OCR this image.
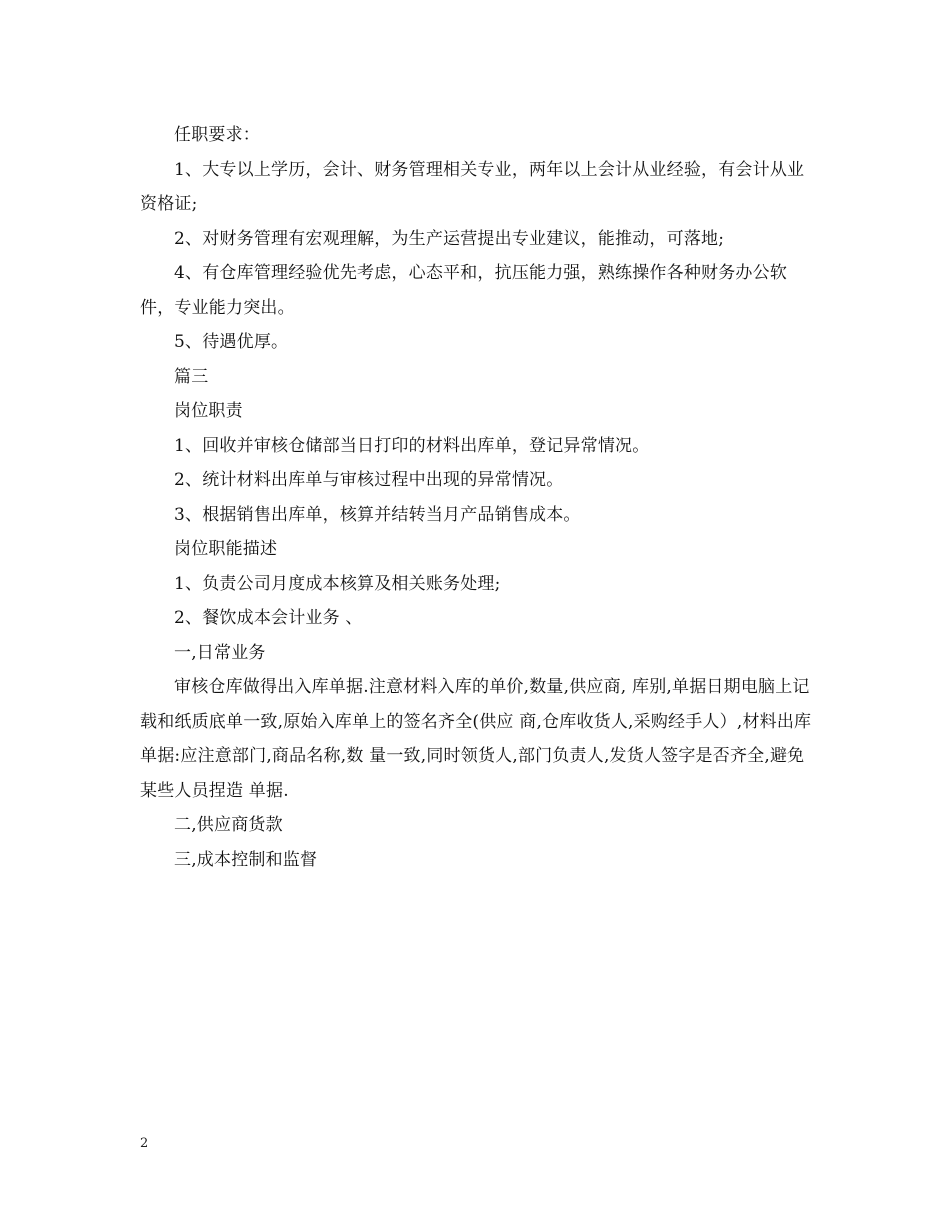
任职要求：

1、大专以上学历，会计、财务管理相关专业，两年以上会计从业经验，有会计从业资格证;

2、对财务管理有宏观理解，为生产运营提出专业建议，能推动，可落地;

4、有仓库管理经验优先考虑，心态平和，抗压能力强，熟练操作各种财务办公软件，专业能力突出。

5、待遇优厚。

篇三

岗位职责

1、回收并审核仓储部当日打印的材料出库单，登记异常情况。

2、统计材料出库单与审核过程中出现的异常情况。

3、根据销售出库单，核算并结转当月产品销售成本。

岗位职能描述

1、负责公司月度成本核算及相关账务处理;

2、餐饮成本会计业务 、

一,日常业务

审核仓库做得出入库单据.注意材料入库的单价,数量,供应商, 库别,单据日期电脑上记载和纸质底单一致,原始入库单上的签名齐全(供应 商,仓库收货人,采购经手人）,材料出库单据:应注意部门,商品名称,数 量一致,同时领货人,部门负责人,发货人签字是否齐全,避免某些人员捏造 单据.

二,供应商货款

三,成本控制和监督

2
